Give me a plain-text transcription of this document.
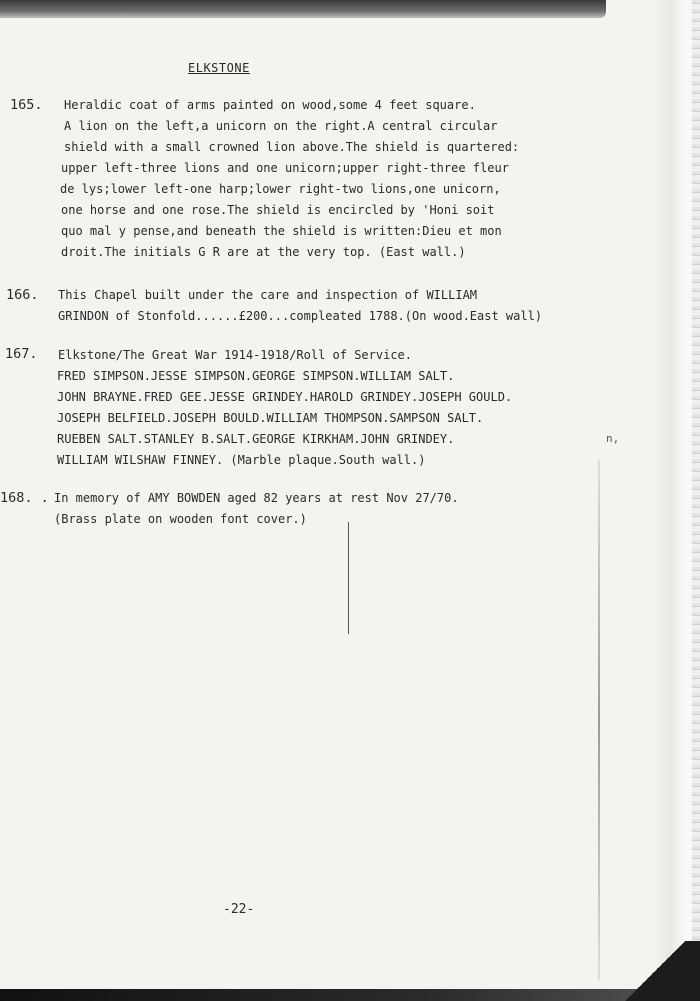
ELKSTONE
165. Heraldic coat of arms painted on wood,some 4 feet square.
A lion on the left,a unicorn on the right.A central circular
shield with a small crowned lion above.The shield is quartered:
upper left-three lions and one unicorn;upper right-three fleur
de lys;lower left-one harp;lower right-two lions,one unicorn,
one horse and one rose.The shield is encircled by 'Honi soit
quo mal y pense,and beneath the shield is written:Dieu et mon
droit.The initials G R are at the very top. (East wall.)
166. This Chapel built under the care and inspection of WILLIAM
GRINDON of Stonfold......£200...compleated 1788.(On wood.East wall)
167. Elkstone/The Great War 1914-1918/Roll of Service.
FRED SIMPSON.JESSE SIMPSON.GEORGE SIMPSON.WILLIAM SALT.
JOHN BRAYNE.FRED GEE.JESSE GRINDEY.HAROLD GRINDEY.JOSEPH GOULD.
JOSEPH BELFIELD.JOSEPH BOULD.WILLIAM THOMPSON.SAMPSON SALT.
RUEBEN SALT.STANLEY B.SALT.GEORGE KIRKHAM.JOHN GRINDEY.
WILLIAM WILSHAW FINNEY. (Marble plaque.South wall.)
168. . In memory of AMY BOWDEN aged 82 years at rest Nov 27/70.
(Brass plate on wooden font cover.)
n,
-22-
